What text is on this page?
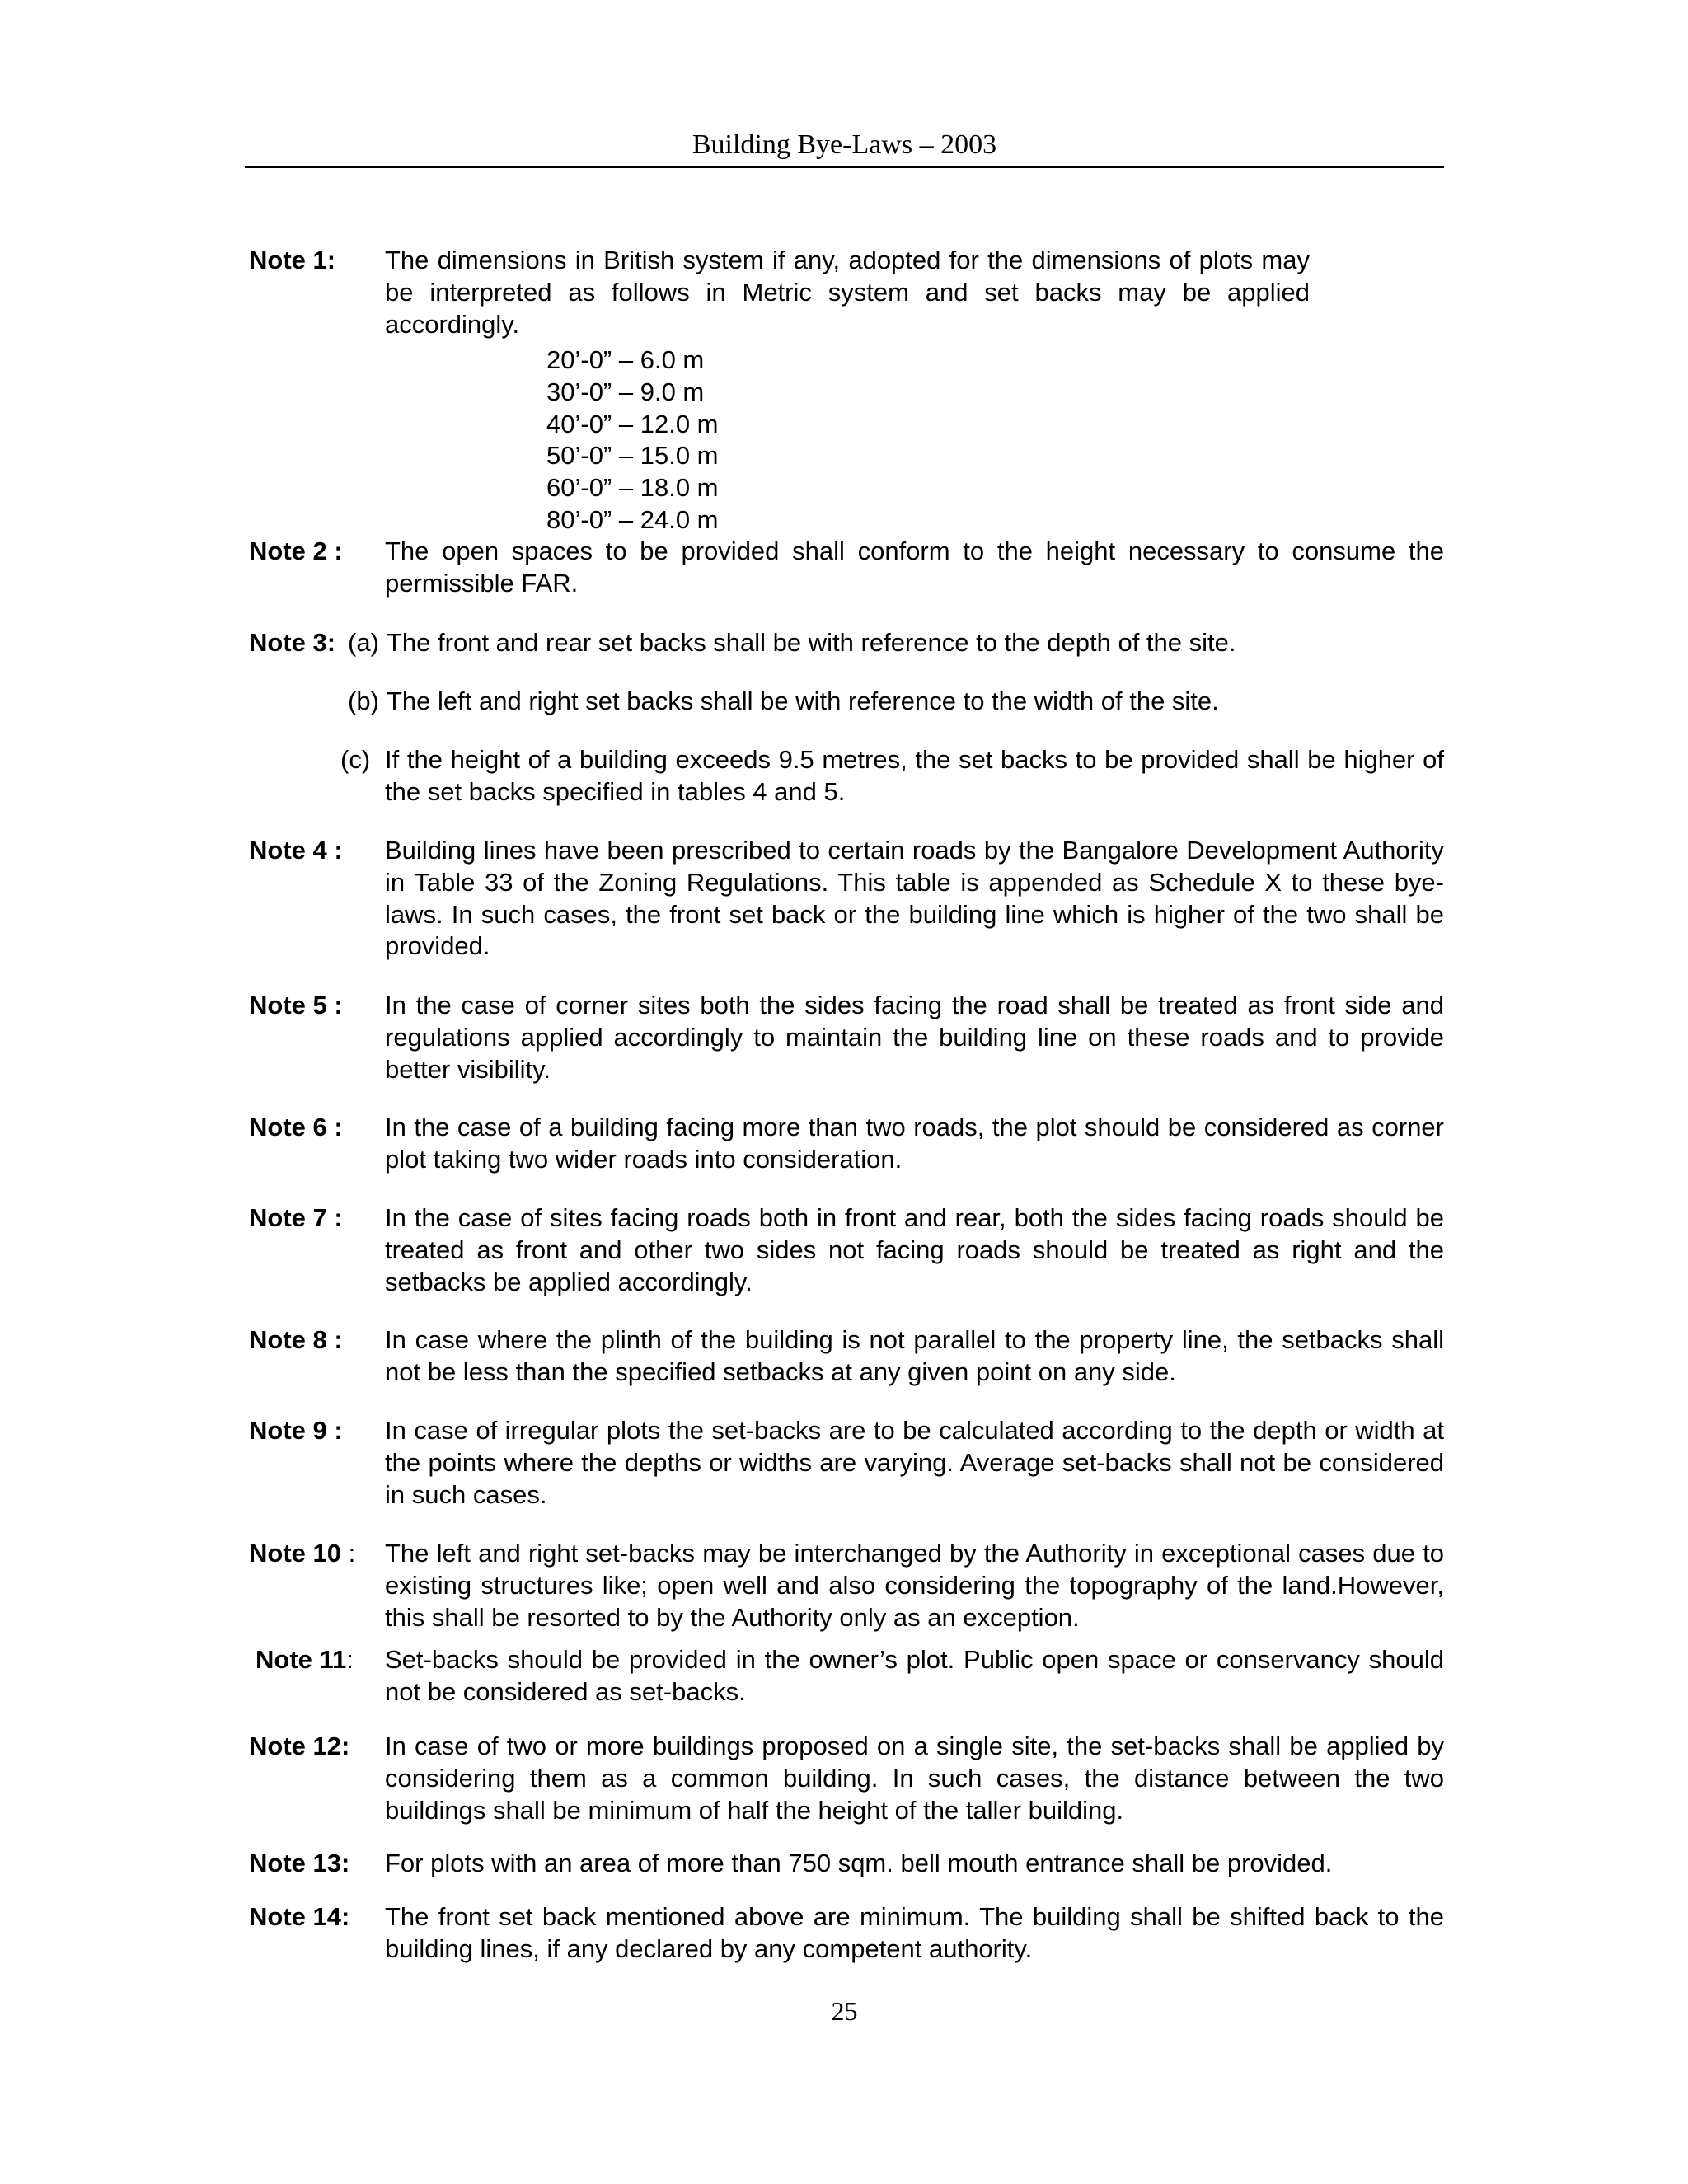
Building Bye-Laws – 2003
Note 1: The dimensions in British system if any, adopted for the dimensions of plots may be interpreted as follows in Metric system and set backs may be applied accordingly.
20’-0” – 6.0 m
30’-0” – 9.0 m
40’-0” – 12.0 m
50’-0” – 15.0 m
60’-0” – 18.0 m
80’-0” – 24.0 m
Note 2 : The open spaces to be provided shall conform to the height necessary to consume the permissible FAR.
Note 3: (a) The front and rear set backs shall be with reference to the depth of the site.
(b) The left and right set backs shall be with reference to the width of the site.
(c) If the height of a building exceeds 9.5 metres, the set backs to be provided shall be higher of the set backs specified in tables 4 and 5.
Note 4 : Building lines have been prescribed to certain roads by the Bangalore Development Authority in Table 33 of the Zoning Regulations. This table is appended as Schedule X to these bye-laws. In such cases, the front set back or the building line which is higher of the two shall be provided.
Note 5 : In the case of corner sites both the sides facing the road shall be treated as front side and regulations applied accordingly to maintain the building line on these roads and to provide better visibility.
Note 6 : In the case of a building facing more than two roads, the plot should be considered as corner plot taking two wider roads into consideration.
Note 7 : In the case of sites facing roads both in front and rear, both the sides facing roads should be treated as front and other two sides not facing roads should be treated as right and the setbacks be applied accordingly.
Note 8 : In case where the plinth of the building is not parallel to the property line, the setbacks shall not be less than the specified setbacks at any given point on any side.
Note 9 : In case of irregular plots the set-backs are to be calculated according to the depth or width at the points where the depths or widths are varying. Average set-backs shall not be considered in such cases.
Note 10 : The left and right set-backs may be interchanged by the Authority in exceptional cases due to existing structures like; open well and also considering the topography of the land.However, this shall be resorted to by the Authority only as an exception.
Note 11: Set-backs should be provided in the owner’s plot. Public open space or conservancy should not be considered as set-backs.
Note 12: In case of two or more buildings proposed on a single site, the set-backs shall be applied by considering them as a common building. In such cases, the distance between the two buildings shall be minimum of half the height of the taller building.
Note 13: For plots with an area of more than 750 sqm. bell mouth entrance shall be provided.
Note 14: The front set back mentioned above are minimum. The building shall be shifted back to the building lines, if any declared by any competent authority.
25
